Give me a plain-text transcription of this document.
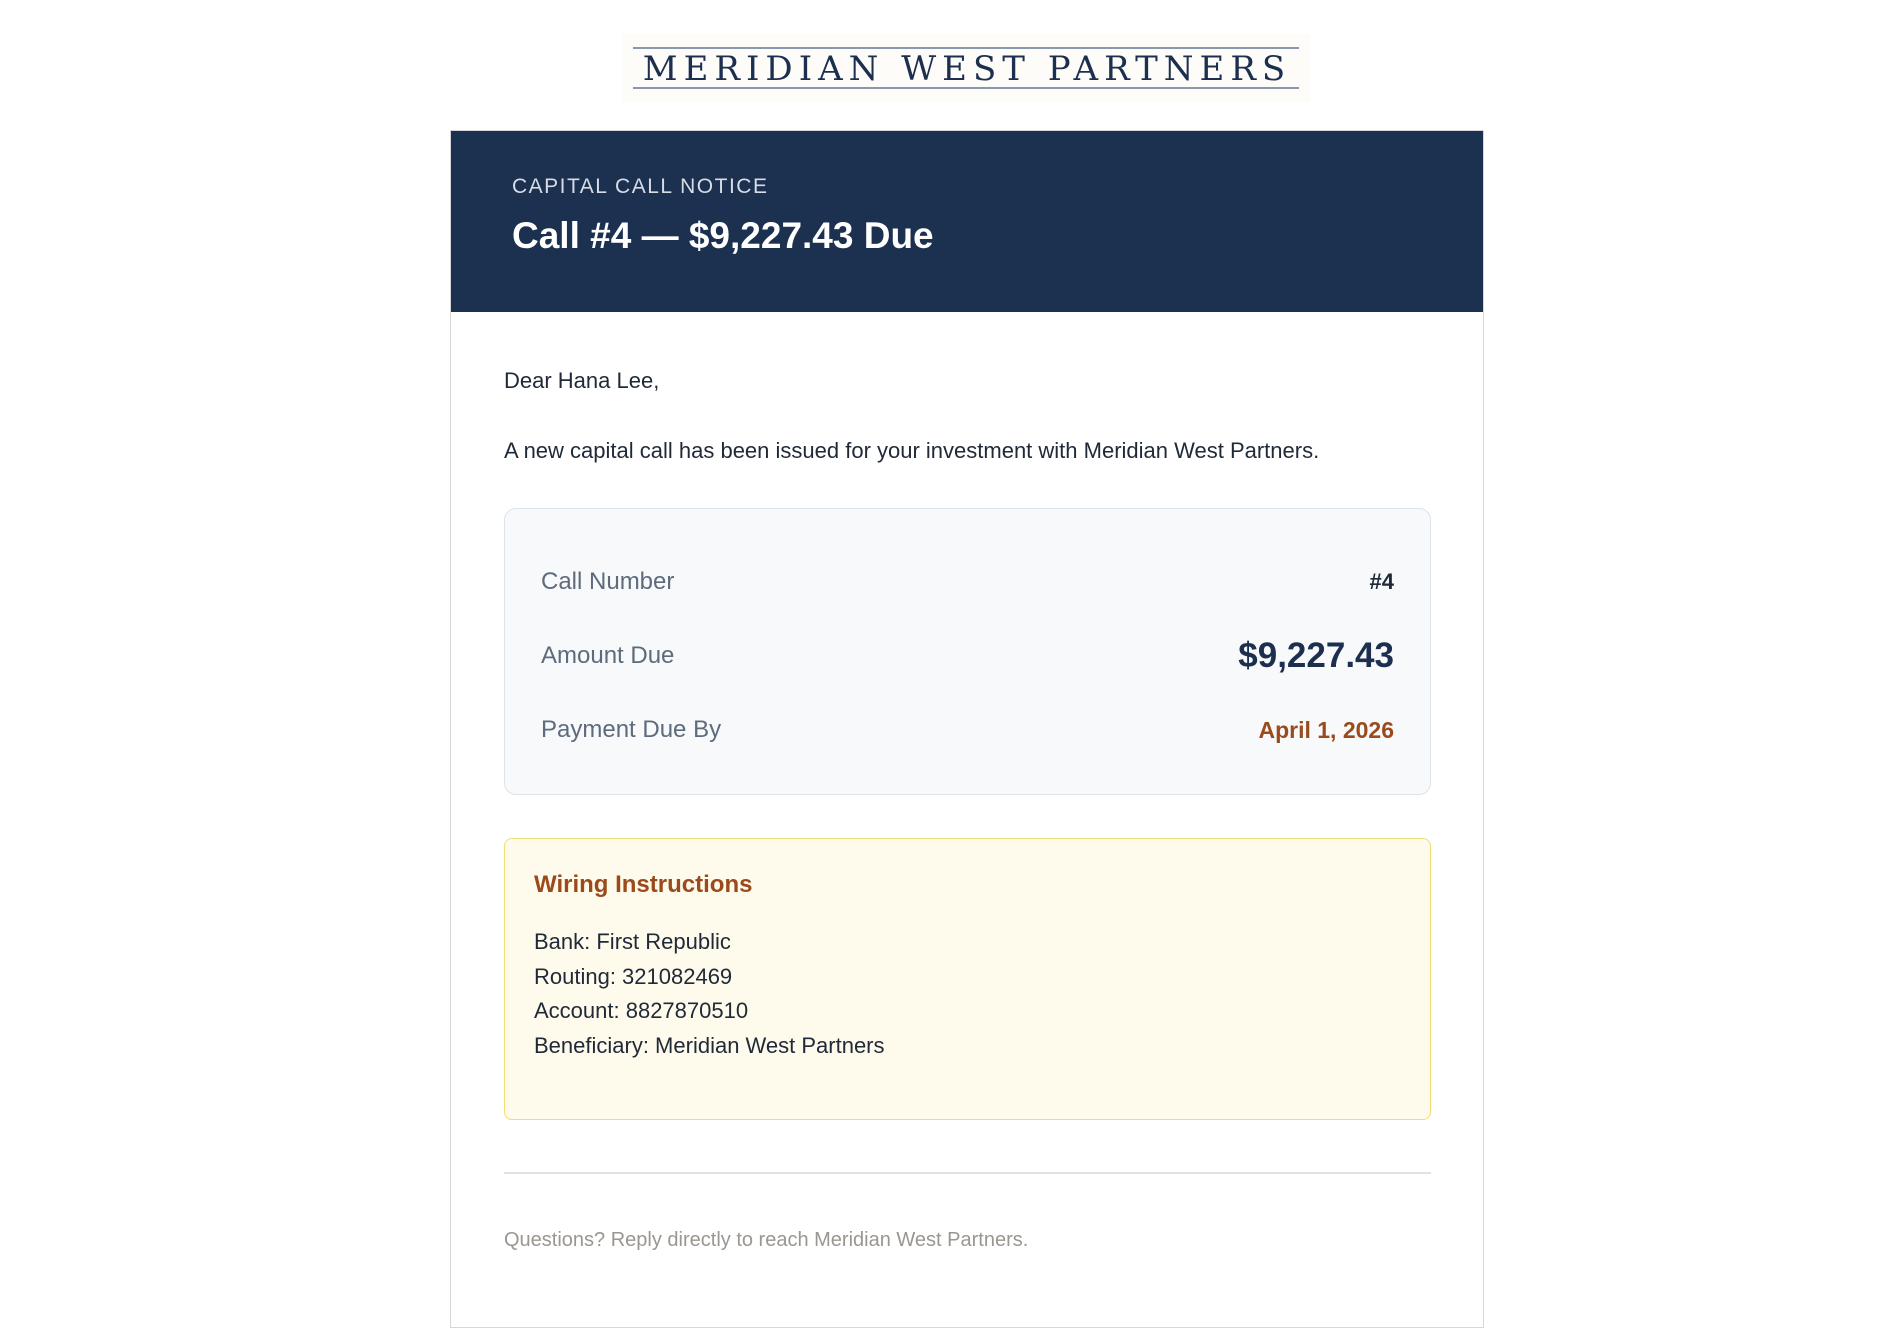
MERIDIAN WEST PARTNERS
CAPITAL CALL NOTICE
Call #4 — $9,227.43 Due

Dear Hana Lee,

A new capital call has been issued for your investment with Meridian West Partners.

Call Number	#4
Amount Due	$9,227.43
Payment Due By	April 1, 2026
Wiring Instructions
Bank: First Republic
Routing: 321082469
Account: 8827870510
Beneficiary: Meridian West Partners

Questions? Reply directly to reach Meridian West Partners.
